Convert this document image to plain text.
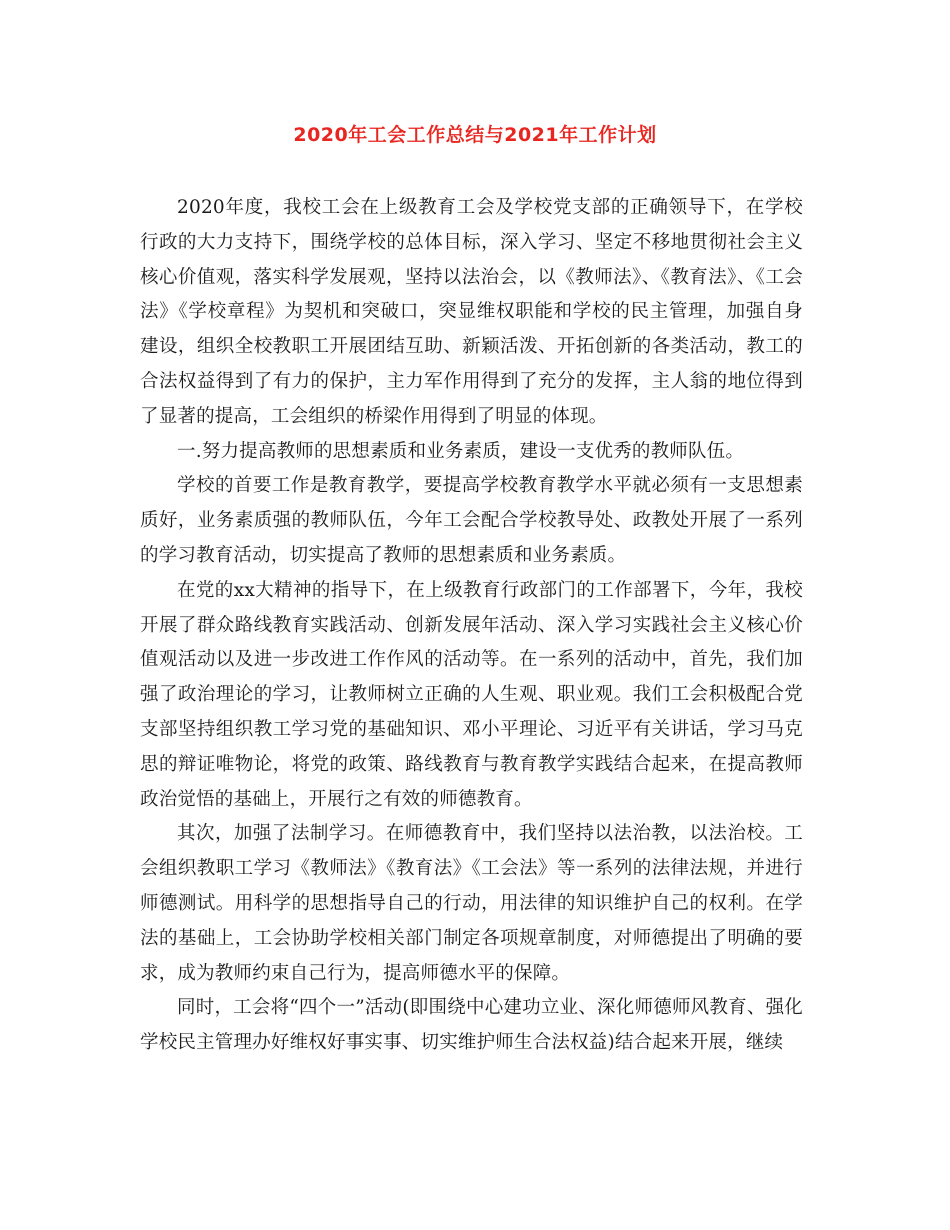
2020年工会工作总结与2021年工作计划

2020年度，我校工会在上级教育工会及学校党支部的正确领导下，在学校行政的大力支持下，围绕学校的总体目标，深入学习、坚定不移地贯彻社会主义核心价值观，落实科学发展观，坚持以法治会，以《教师法》、《教育法》、《工会法》《学校章程》为契机和突破口，突显维权职能和学校的民主管理，加强自身建设，组织全校教职工开展团结互助、新颖活泼、开拓创新的各类活动，教工的合法权益得到了有力的保护，主力军作用得到了充分的发挥，主人翁的地位得到了显著的提高，工会组织的桥梁作用得到了明显的体现。

一.努力提高教师的思想素质和业务素质，建设一支优秀的教师队伍。

学校的首要工作是教育教学，要提高学校教育教学水平就必须有一支思想素质好，业务素质强的教师队伍，今年工会配合学校教导处、政教处开展了一系列的学习教育活动，切实提高了教师的思想素质和业务素质。

在党的xx大精神的指导下，在上级教育行政部门的工作部署下，今年，我校开展了群众路线教育实践活动、创新发展年活动、深入学习实践社会主义核心价值观活动以及进一步改进工作作风的活动等。在一系列的活动中，首先，我们加强了政治理论的学习，让教师树立正确的人生观、职业观。我们工会积极配合党支部坚持组织教工学习党的基础知识、邓小平理论、习近平有关讲话，学习马克思的辩证唯物论，将党的政策、路线教育与教育教学实践结合起来，在提高教师政治觉悟的基础上，开展行之有效的师德教育。

其次，加强了法制学习。在师德教育中，我们坚持以法治教，以法治校。工会组织教职工学习《教师法》《教育法》《工会法》等一系列的法律法规，并进行师德测试。用科学的思想指导自己的行动，用法律的知识维护自己的权利。在学法的基础上，工会协助学校相关部门制定各项规章制度，对师德提出了明确的要求，成为教师约束自己行为，提高师德水平的保障。

同时，工会将“四个一”活动(即围绕中心建功立业、深化师德师风教育、强化学校民主管理办好维权好事实事、切实维护师生合法权益)结合起来开展，继续
